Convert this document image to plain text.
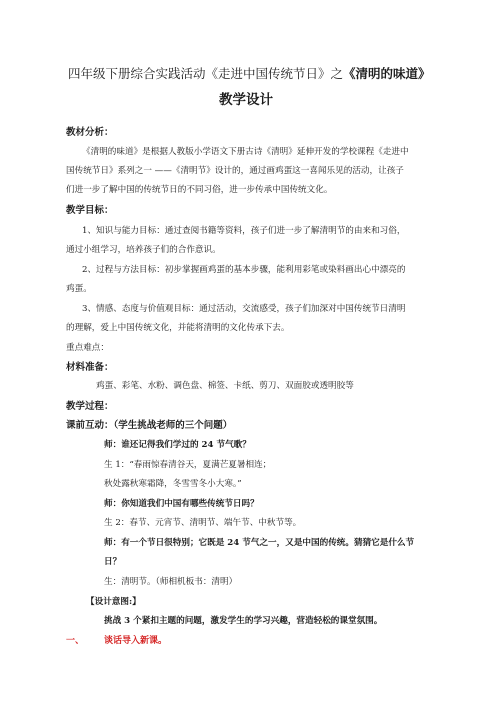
四年级下册综合实践活动《走进中国传统节日》之《清明的味道》
教学设计
教材分析：
《清明的味道》是根据人教版小学语文下册古诗《清明》延伸开发的学校课程《走进中
国传统节日》系列之一 ——《清明节》设计的，通过画鸡蛋这一喜闻乐见的活动，让孩子
们进一步了解中国的传统节日的不同习俗，进一步传承中国传统文化。
教学目标：
1、知识与能力目标：通过查阅书籍等资料，孩子们进一步了解清明节的由来和习俗，
通过小组学习，培养孩子们的合作意识。
2、过程与方法目标：初步掌握画鸡蛋的基本步骤，能利用彩笔或染料画出心中漂亮的
鸡蛋。
3、情感、态度与价值观目标：通过活动，交流感受，孩子们加深对中国传统节日清明
的理解，爱上中国传统文化，并能将清明的文化传承下去。
重点难点：
材料准备：
鸡蛋、彩笔、水粉、调色盘、棉签、卡纸、剪刀、双面胶或透明胶等
教学过程：
课前互动：（学生挑战老师的三个问题）
师：谁还记得我们学过的 24 节气歌？
生 1：“春雨惊春清谷天，夏满芒夏暑相连；
秋处露秋寒霜降，冬雪雪冬小大寒。”
师：你知道我们中国有哪些传统节日吗？
生 2：春节、元宵节、清明节、端午节、中秋节等。
师：有一个节日很特别；它既是 24 节气之一，又是中国的传统。猜猜它是什么节
日？
生：清明节。（师相机板书：清明）
【设计意图:】
挑战 3 个紧扣主题的问题，激发学生的学习兴趣，营造轻松的课堂氛围。
一、 谈话导入新课。
